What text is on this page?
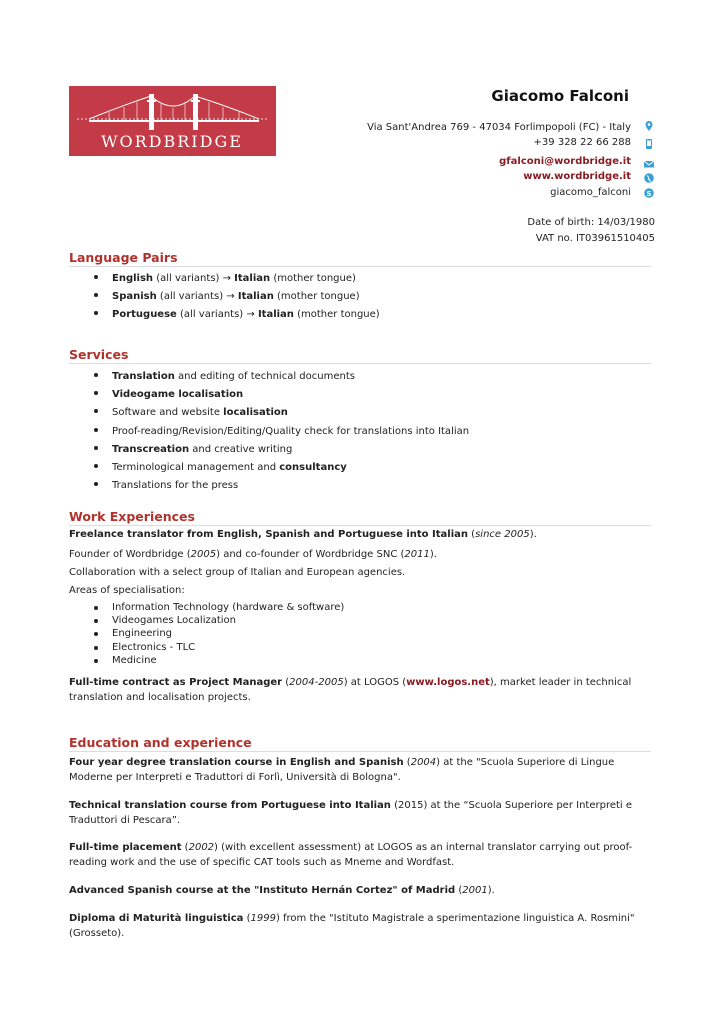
WORDBRIDGE
Giacomo Falconi
Via Sant'Andrea 769 - 47034 Forlimpopoli (FC) - Italy
+39 328 22 66 288
gfalconi@wordbridge.it
www.wordbridge.it
giacomo_falconi S
Date of birth: 14/03/1980
VAT no. IT03961510405
Language Pairs
English (all variants) → Italian (mother tongue)
Spanish (all variants) → Italian (mother tongue)
Portuguese (all variants) → Italian (mother tongue)
Services
Translation and editing of technical documents
Videogame localisation
Software and website localisation
Proof-reading/Revision/Editing/Quality check for translations into Italian
Transcreation and creative writing
Terminological management and consultancy
Translations for the press
Work Experiences
Freelance translator from English, Spanish and Portuguese into Italian (since 2005).
Founder of Wordbridge (2005) and co-founder of Wordbridge SNC (2011).
Collaboration with a select group of Italian and European agencies.
Areas of specialisation:
Information Technology (hardware & software)
Videogames Localization
Engineering
Electronics - TLC
Medicine
Full-time contract as Project Manager (2004-2005) at LOGOS (www.logos.net), market leader in technical translation and localisation projects.
Education and experience
Four year degree translation course in English and Spanish (2004) at the "Scuola Superiore di Lingue Moderne per Interpreti e Traduttori di Forlì, Università di Bologna".
Technical translation course from Portuguese into Italian (2015) at the “Scuola Superiore per Interpreti e Traduttori di Pescara”.
Full-time placement (2002) (with excellent assessment) at LOGOS as an internal translator carrying out proof-reading work and the use of specific CAT tools such as Mneme and Wordfast.
Advanced Spanish course at the "Instituto Hernán Cortez" of Madrid (2001).
Diploma di Maturità linguistica (1999) from the "Istituto Magistrale a sperimentazione linguistica A. Rosmini" (Grosseto).
